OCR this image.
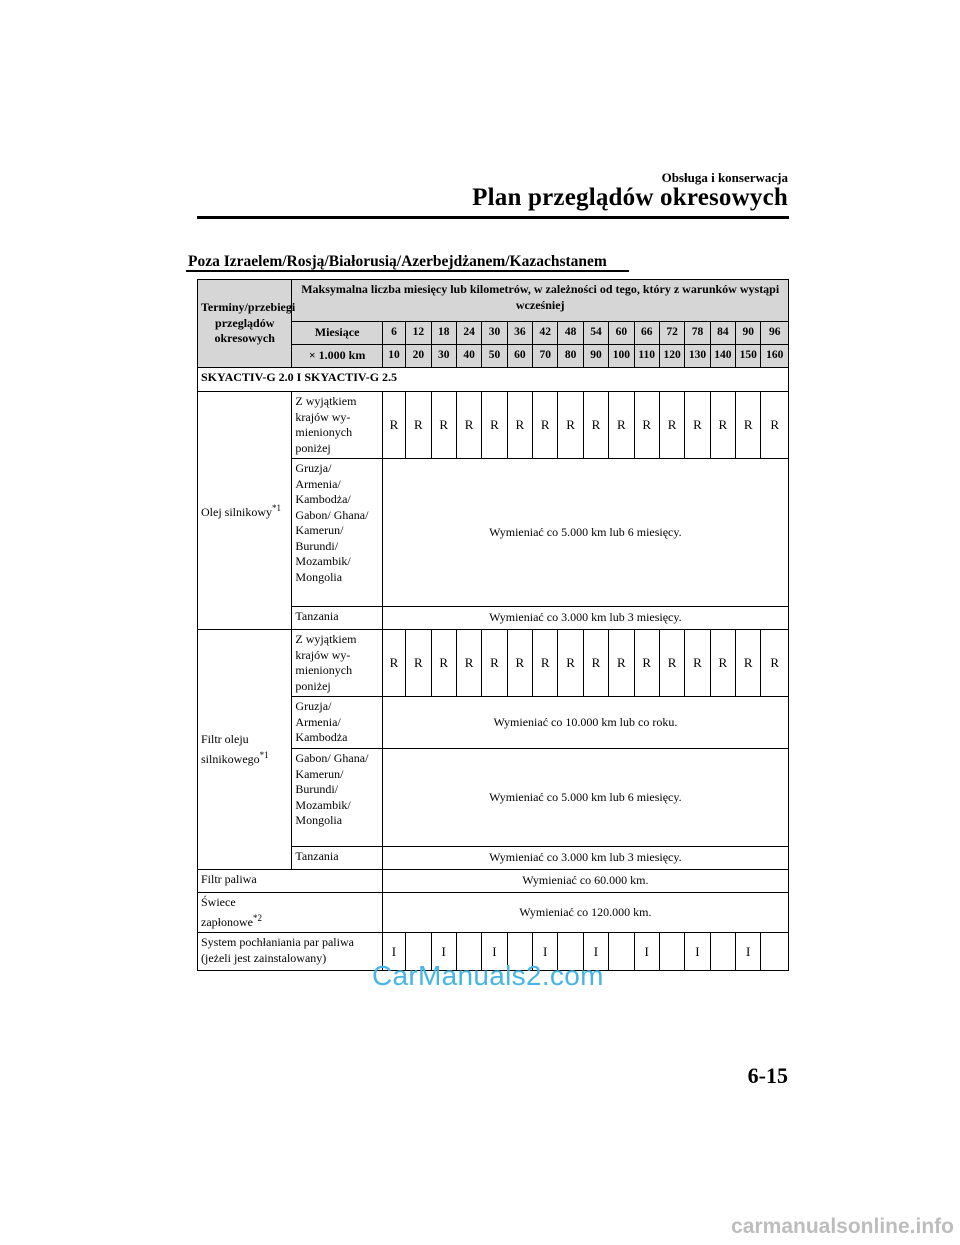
Obsługa i konserwacja
Plan przeglądów okresowych
Poza Izraelem/Rosją/Białorusią/Azerbejdżanem/Kazachstanem
Terminy/przebiegi przeglądów okresowych	Maksymalna liczba miesięcy lub kilometrów, w zależności od tego, który z warunków wystąpi wcześniej																
	Miesiące	6	12	18	24	30	36	42	48	54	60	66	72	78	84	90	96
	× 1.000 km	10	20	30	40	50	60	70	80	90	100	110	120	130	140	150	160
SKYACTIV-G 2.0 I SKYACTIV-G 2.5																	
Olej silnikowy$^{*1}$	Z wyjątkiem krajów wymienionych poniżej	R	R	R	R	R	R	R	R	R	R	R	R	R	R	R	R
	Gruzja/ Armenia/ Kambodża/ Gabon/ Ghana/ Kamerun/ Burundi/ Mozambik/ Mongolia	Wymieniać co 5.000 km lub 6 miesięcy.															
	Tanzania	Wymieniać co 3.000 km lub 3 miesięcy.															
Filtr oleju silnikowego$^{*1}$	Z wyjątkiem krajów wymienionych poniżej	R	R	R	R	R	R	R	R	R	R	R	R	R	R	R	R
	Gruzja/ Armenia/ Kambodża	Wymieniać co 10.000 km lub co roku.															
	Gabon/ Ghana/ Kamerun/ Burundi/ Mozambik/ Mongolia	Wymieniać co 5.000 km lub 6 miesięcy.															
	Tanzania	Wymieniać co 3.000 km lub 3 miesięcy.															
Filtr paliwa		Wymieniać co 60.000 km.															
Świece zapłonowe$^{*2}$		Wymieniać co 120.000 km.															
System pochłaniania par paliwa (jeżeli jest zainstalowany)		I		I		I		I		I		I		I		I	
CarManuals2.com
6-15
carmanualsonline.info
